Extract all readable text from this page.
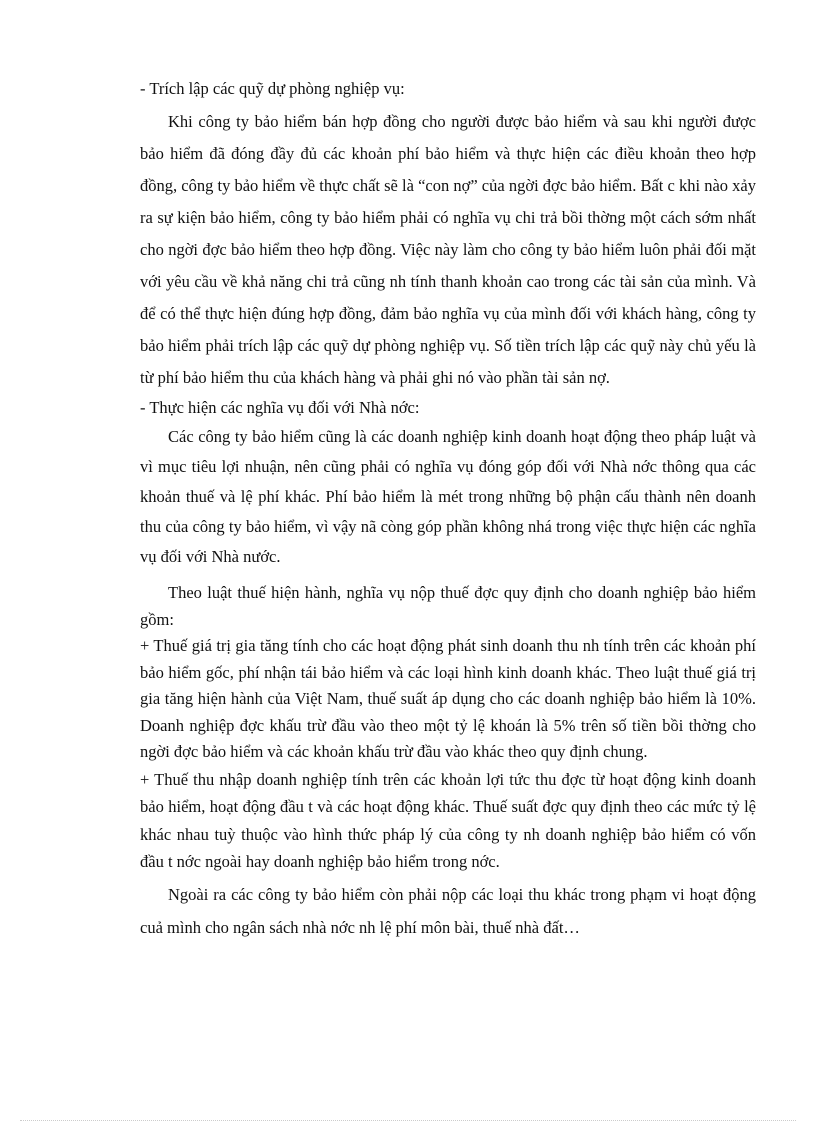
- Trích lập các quỹ dự phòng nghiệp vụ:

Khi công ty bảo hiểm bán hợp đồng cho người được bảo hiểm và sau khi người được bảo hiểm đã đóng đầy đủ các khoản phí bảo hiểm và thực hiện các điều khoản theo hợp đồng, công ty bảo hiểm về thực chất sẽ là “con nợ” của ngời đợc bảo hiểm. Bất c khi nào xảy ra sự kiện bảo hiểm, công ty bảo hiểm phải có nghĩa vụ chi trả bồi thờng một cách sớm nhất cho ngời đợc bảo hiểm theo hợp đồng. Việc này làm cho công ty bảo hiểm luôn phải đối mặt với yêu cầu về khả năng chi trả cũng nh tính thanh khoản cao trong các tài sản của mình. Và để có thể thực hiện đúng hợp đồng, đảm bảo nghĩa vụ của mình đối với khách hàng, công ty bảo hiểm phải trích lập các quỹ dự phòng nghiệp vụ. Số tiền trích lập các quỹ này chủ yếu là từ phí bảo hiểm thu của khách hàng và phải ghi nó vào phần tài sản nợ.

- Thực hiện các nghĩa vụ đối với Nhà nớc:

Các công ty bảo hiểm cũng là các doanh nghiệp kinh doanh hoạt động theo pháp luật và vì mục tiêu lợi nhuận, nên cũng phải có nghĩa vụ đóng góp đối với Nhà nớc thông qua các khoản thuế và lệ phí khác. Phí bảo hiểm là mét trong những bộ phận cấu thành nên doanh thu của công ty bảo hiểm, vì vậy nã còng góp phần không nhá trong việc thực hiện các nghĩa vụ đối với Nhà nước.

Theo luật thuế hiện hành, nghĩa vụ nộp thuế đợc quy định cho doanh nghiệp bảo hiểm gồm:

+ Thuế giá trị gia tăng tính cho các hoạt động phát sinh doanh thu nh tính trên các khoản phí bảo hiểm gốc, phí nhận tái bảo hiểm và các loại hình kinh doanh khác. Theo luật thuế giá trị gia tăng hiện hành của Việt Nam, thuế suất áp dụng cho các doanh nghiệp bảo hiểm là 10%. Doanh nghiệp đợc khấu trừ đầu vào theo một tỷ lệ khoán là 5% trên số tiền bồi thờng cho ngời đợc bảo hiểm và các khoản khấu trừ đầu vào khác theo quy định chung.

+ Thuế thu nhập doanh nghiệp tính trên các khoản lợi tức thu đợc từ hoạt động kinh doanh bảo hiểm, hoạt động đầu t và các hoạt động khác. Thuế suất đợc quy định theo các mức tỷ lệ khác nhau tuỳ thuộc vào hình thức pháp lý của công ty nh doanh nghiệp bảo hiểm có vốn đầu t nớc ngoài hay doanh nghiệp bảo hiểm trong nớc.

Ngoài ra các công ty bảo hiểm còn phải nộp các loại thu khác trong phạm vi hoạt động cuả mình cho ngân sách nhà nớc nh lệ phí môn bài, thuế nhà đất…
